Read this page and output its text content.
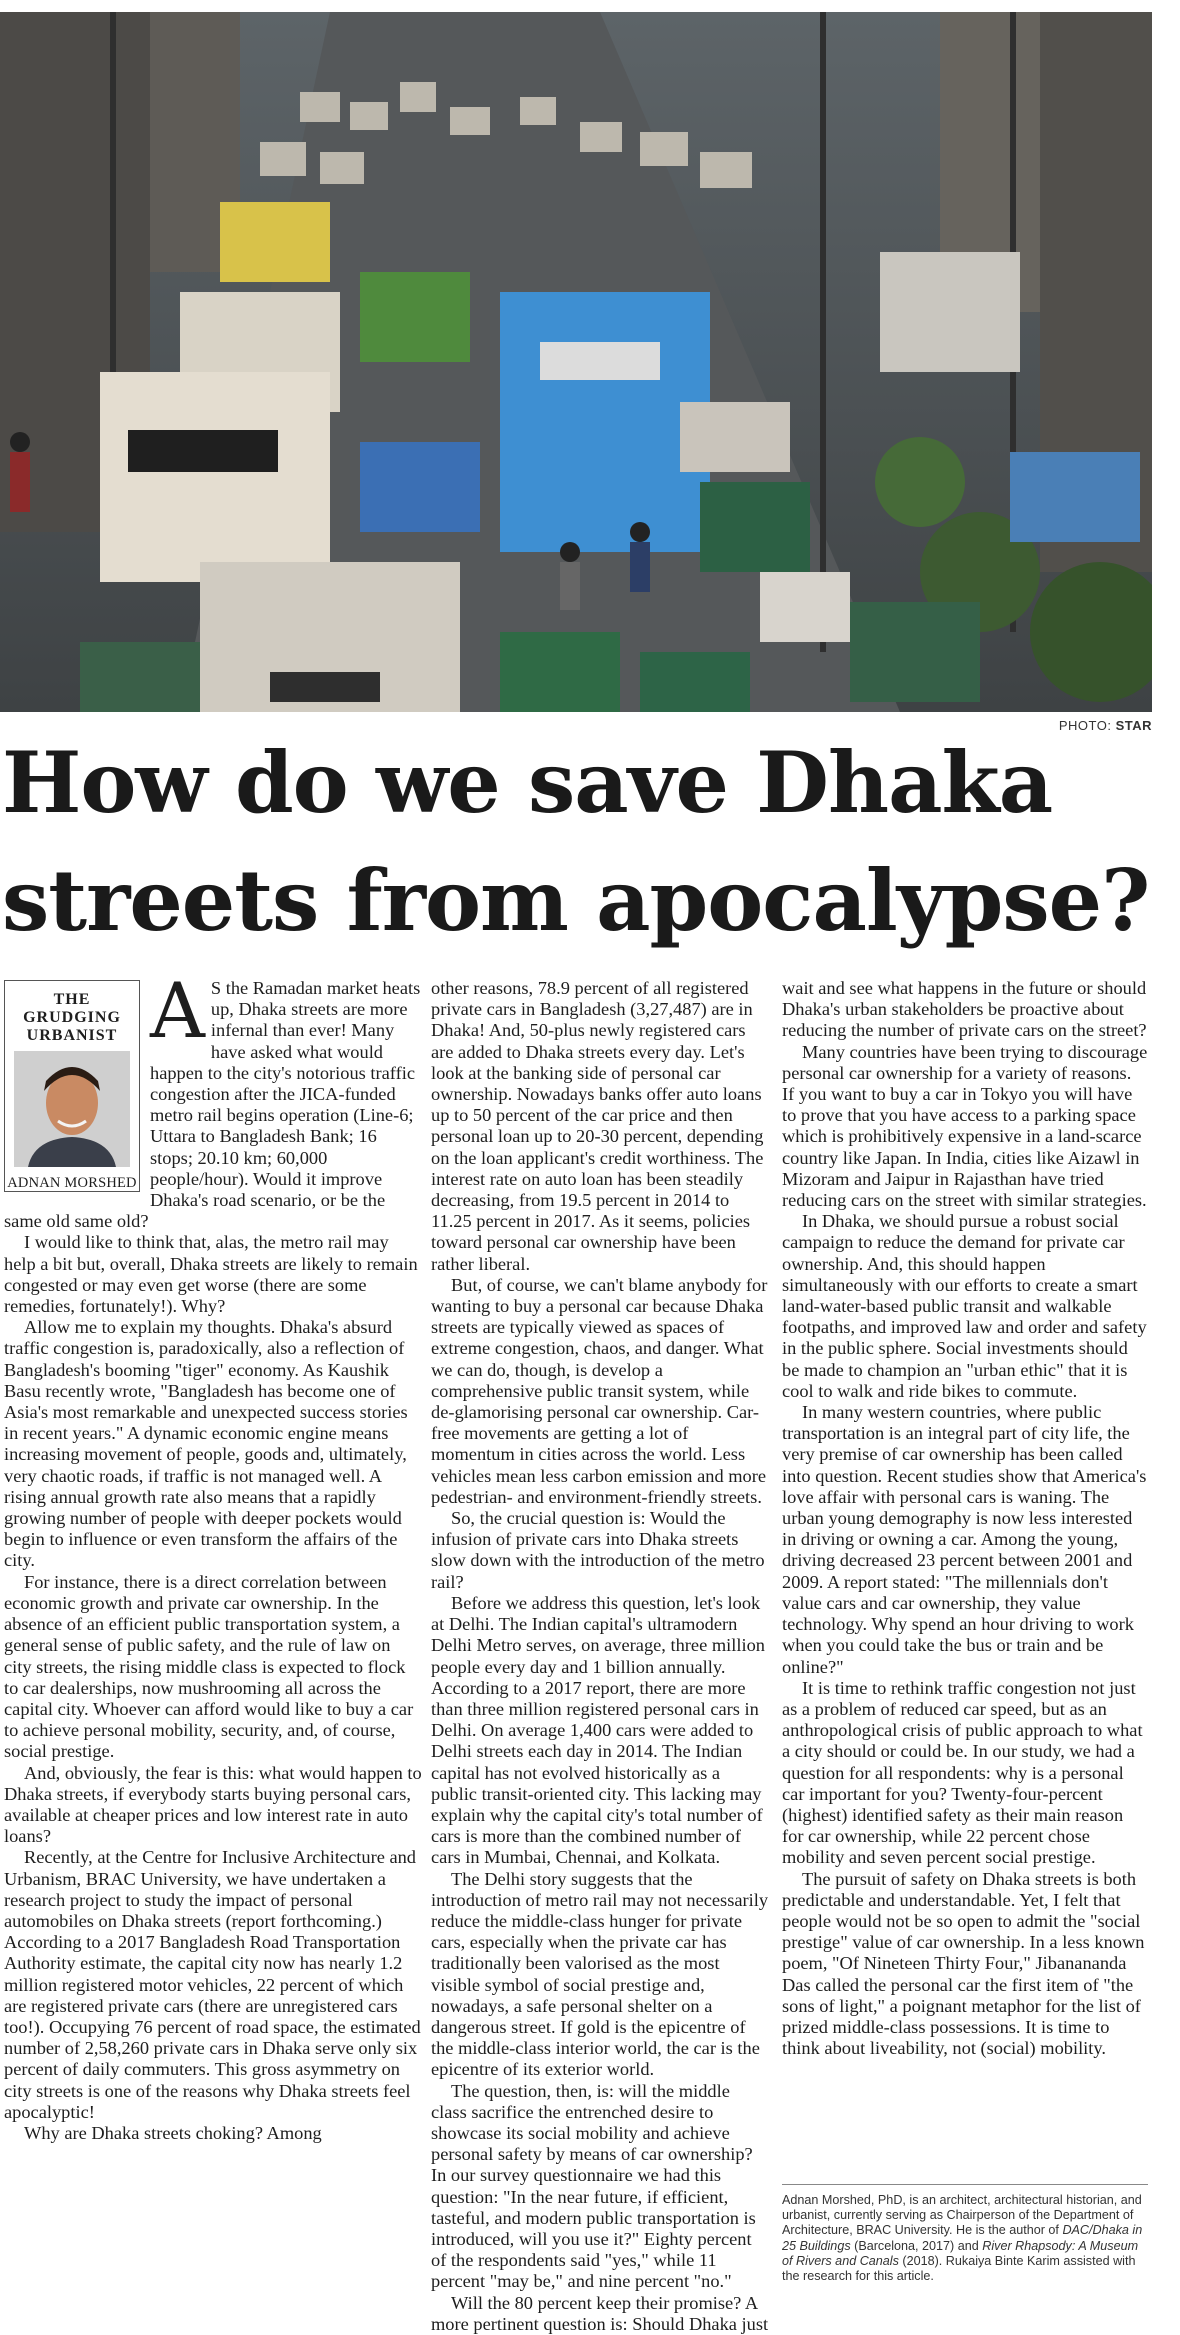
PHOTO: STAR
How do we save Dhaka streets from apocalypse?
THE GRUDGING URBANIST
ADNAN MORSHED
A S the Ramadan market heats up, Dhaka streets are more infernal than ever! Many have asked what would happen to the city's notorious traffic congestion after the JICA-funded metro rail begins operation (Line-6; Uttara to Bangladesh Bank; 16 stops; 20.10 km; 60,000 people/hour). Would it improve Dhaka's road scenario, or be the same old same old?

I would like to think that, alas, the metro rail may help a bit but, overall, Dhaka streets are likely to remain congested or may even get worse (there are some remedies, fortunately!). Why?

Allow me to explain my thoughts. Dhaka's absurd traffic congestion is, paradoxically, also a reflection of Bangladesh's booming "tiger" economy. As Kaushik Basu recently wrote, "Bangladesh has become one of Asia's most remarkable and unexpected success stories in recent years." A dynamic economic engine means increasing movement of people, goods and, ultimately, very chaotic roads, if traffic is not managed well. A rising annual growth rate also means that a rapidly growing number of people with deeper pockets would begin to influence or even transform the affairs of the city.

For instance, there is a direct correlation between economic growth and private car ownership. In the absence of an efficient public transportation system, a general sense of public safety, and the rule of law on city streets, the rising middle class is expected to flock to car dealerships, now mushrooming all across the capital city. Whoever can afford would like to buy a car to achieve personal mobility, security, and, of course, social prestige.

And, obviously, the fear is this: what would happen to Dhaka streets, if everybody starts buying personal cars, available at cheaper prices and low interest rate in auto loans?

Recently, at the Centre for Inclusive Architecture and Urbanism, BRAC University, we have undertaken a research project to study the impact of personal automobiles on Dhaka streets (report forthcoming.) According to a 2017 Bangladesh Road Transportation Authority estimate, the capital city now has nearly 1.2 million registered motor vehicles, 22 percent of which are registered private cars (there are unregistered cars too!). Occupying 76 percent of road space, the estimated number of 2,58,260 private cars in Dhaka serve only six percent of daily commuters. This gross asymmetry on city streets is one of the reasons why Dhaka streets feel apocalyptic!

Why are Dhaka streets choking? Among

other reasons, 78.9 percent of all registered private cars in Bangladesh (3,27,487) are in Dhaka! And, 50-plus newly registered cars are added to Dhaka streets every day. Let's look at the banking side of personal car ownership. Nowadays banks offer auto loans up to 50 percent of the car price and then personal loan up to 20-30 percent, depending on the loan applicant's credit worthiness. The interest rate on auto loan has been steadily decreasing, from 19.5 percent in 2014 to 11.25 percent in 2017. As it seems, policies toward personal car ownership have been rather liberal.

But, of course, we can't blame anybody for wanting to buy a personal car because Dhaka streets are typically viewed as spaces of extreme congestion, chaos, and danger. What we can do, though, is develop a comprehensive public transit system, while de-glamorising personal car ownership. Car-free movements are getting a lot of momentum in cities across the world. Less vehicles mean less carbon emission and more pedestrian- and environment-friendly streets.

So, the crucial question is: Would the infusion of private cars into Dhaka streets slow down with the introduction of the metro rail?

Before we address this question, let's look at Delhi. The Indian capital's ultramodern Delhi Metro serves, on average, three million people every day and 1 billion annually. According to a 2017 report, there are more than three million registered personal cars in Delhi. On average 1,400 cars were added to Delhi streets each day in 2014. The Indian capital has not evolved historically as a public transit-oriented city. This lacking may explain why the capital city's total number of cars is more than the combined number of cars in Mumbai, Chennai, and Kolkata.

The Delhi story suggests that the introduction of metro rail may not necessarily reduce the middle-class hunger for private cars, especially when the private car has traditionally been valorised as the most visible symbol of social prestige and, nowadays, a safe personal shelter on a dangerous street. If gold is the epicentre of the middle-class interior world, the car is the epicentre of its exterior world.

The question, then, is: will the middle class sacrifice the entrenched desire to showcase its social mobility and achieve personal safety by means of car ownership? In our survey questionnaire we had this question: "In the near future, if efficient, tasteful, and modern public transportation is introduced, will you use it?" Eighty percent of the respondents said "yes," while 11 percent "may be," and nine percent "no."

Will the 80 percent keep their promise? A more pertinent question is: Should Dhaka just

wait and see what happens in the future or should Dhaka's urban stakeholders be proactive about reducing the number of private cars on the street?

Many countries have been trying to discourage personal car ownership for a variety of reasons. If you want to buy a car in Tokyo you will have to prove that you have access to a parking space which is prohibitively expensive in a land-scarce country like Japan. In India, cities like Aizawl in Mizoram and Jaipur in Rajasthan have tried reducing cars on the street with similar strategies.

In Dhaka, we should pursue a robust social campaign to reduce the demand for private car ownership. And, this should happen simultaneously with our efforts to create a smart land-water-based public transit and walkable footpaths, and improved law and order and safety in the public sphere. Social investments should be made to champion an "urban ethic" that it is cool to walk and ride bikes to commute.

In many western countries, where public transportation is an integral part of city life, the very premise of car ownership has been called into question. Recent studies show that America's love affair with personal cars is waning. The urban young demography is now less interested in driving or owning a car. Among the young, driving decreased 23 percent between 2001 and 2009. A report stated: "The millennials don't value cars and car ownership, they value technology. Why spend an hour driving to work when you could take the bus or train and be online?"

It is time to rethink traffic congestion not just as a problem of reduced car speed, but as an anthropological crisis of public approach to what a city should or could be. In our study, we had a question for all respondents: why is a personal car important for you? Twenty-four-percent (highest) identified safety as their main reason for car ownership, while 22 percent chose mobility and seven percent social prestige.

The pursuit of safety on Dhaka streets is both predictable and understandable. Yet, I felt that people would not be so open to admit the "social prestige" value of car ownership. In a less known poem, "Of Nineteen Thirty Four," Jibanananda Das called the personal car the first item of "the sons of light," a poignant metaphor for the list of prized middle-class possessions. It is time to think about liveability, not (social) mobility.

Adnan Morshed, PhD, is an architect, architectural historian, and urbanist, currently serving as Chairperson of the Department of Architecture, BRAC University. He is the author of DAC/Dhaka in 25 Buildings (Barcelona, 2017) and River Rhapsody: A Museum of Rivers and Canals (2018). Rukaiya Binte Karim assisted with the research for this article.
